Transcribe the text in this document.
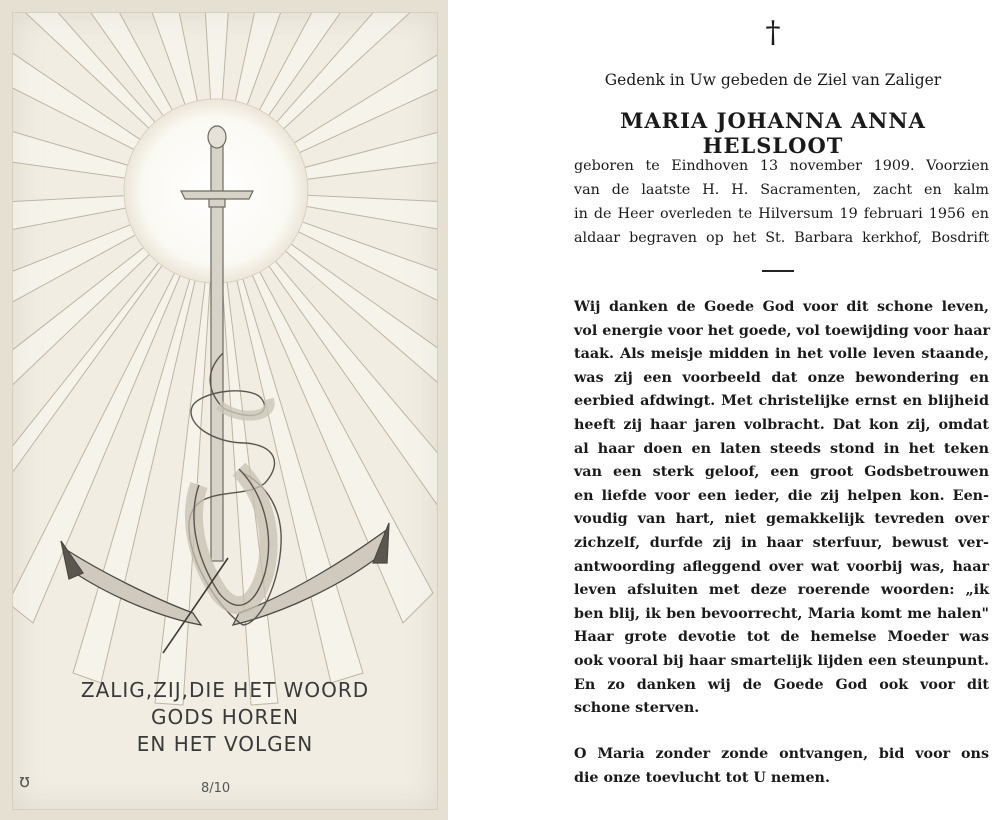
ZALIG,ZIJ,DIE HET WOORD
GODS HOREN
EN HET VOLGEN
ʊ	8/10
†
Gedenk in Uw gebeden de Ziel van Zaliger
MARIA JOHANNA ANNA HELSLOOT
geboren te Eindhoven 13 november 1909. Voorzien
van de laatste H. H. Sacramenten, zacht en kalm
in de Heer overleden te Hilversum 19 februari 1956 en
aldaar begraven op het St. Barbara kerkhof, Bosdrift
Wij danken de Goede God voor dit schone leven,
vol energie voor het goede, vol toewijding voor haar
taak. Als meisje midden in het volle leven staande,
was zij een voorbeeld dat onze bewondering en
eerbied afdwingt. Met christelijke ernst en blijheid
heeft zij haar jaren volbracht. Dat kon zij, omdat
al haar doen en laten steeds stond in het teken
van een sterk geloof, een groot Godsbetrouwen
en liefde voor een ieder, die zij helpen kon. Een-
voudig van hart, niet gemakkelijk tevreden over
zichzelf, durfde zij in haar sterfuur, bewust ver-
antwoording afleggend over wat voorbij was, haar
leven afsluiten met deze roerende woorden: „ik
ben blij, ik ben bevoorrecht, Maria komt me halen"
Haar grote devotie tot de hemelse Moeder was
ook vooral bij haar smartelijk lijden een steunpunt.
En zo danken wij de Goede God ook voor dit
schone sterven.
O Maria zonder zonde ontvangen, bid voor ons
die onze toevlucht tot U nemen.
